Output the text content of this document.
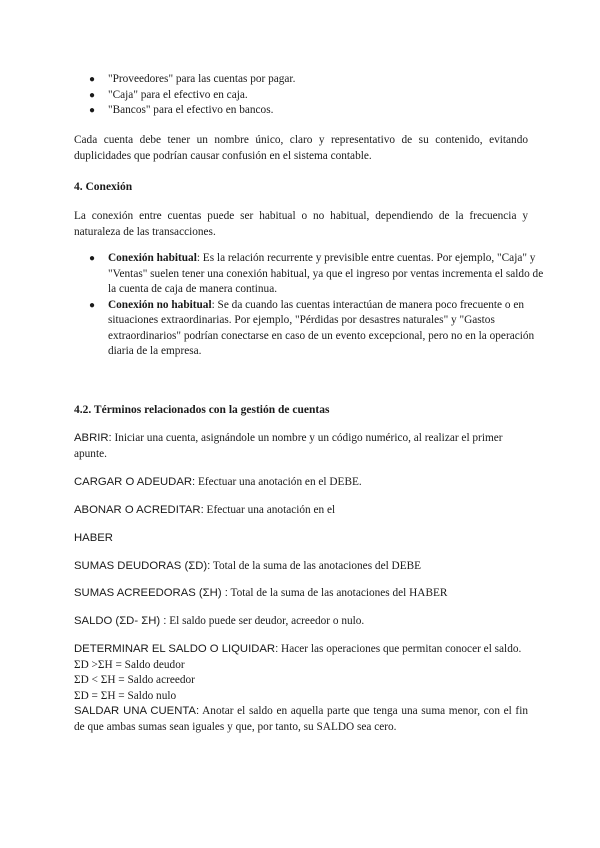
● "Proveedores" para las cuentas por pagar.
● "Caja" para el efectivo en caja.
● "Bancos" para el efectivo en bancos.

Cada cuenta debe tener un nombre único, claro y representativo de su contenido, evitando duplicidades que podrían causar confusión en el sistema contable.

4. Conexión

La conexión entre cuentas puede ser habitual o no habitual, dependiendo de la frecuencia y naturaleza de las transacciones.

● Conexión habitual: Es la relación recurrente y previsible entre cuentas. Por ejemplo, "Caja" y "Ventas" suelen tener una conexión habitual, ya que el ingreso por ventas incrementa el saldo de la cuenta de caja de manera continua.
● Conexión no habitual: Se da cuando las cuentas interactúan de manera poco frecuente o en situaciones extraordinarias. Por ejemplo, "Pérdidas por desastres naturales" y "Gastos extraordinarios" podrían conectarse en caso de un evento excepcional, pero no en la operación diaria de la empresa.
4.2. Términos relacionados con la gestión de cuentas

ABRIR: Iniciar una cuenta, asignándole un nombre y un código numérico, al realizar el primer apunte.

CARGAR O ADEUDAR: Efectuar una anotación en el DEBE.

ABONAR O ACREDITAR: Efectuar una anotación en el

HABER

SUMAS DEUDORAS (ΣD): Total de la suma de las anotaciones del DEBE

SUMAS ACREEDORAS (ΣH) : Total de la suma de las anotaciones del HABER

SALDO (ΣD- ΣH) : El saldo puede ser deudor, acreedor o nulo.

DETERMINAR EL SALDO O LIQUIDAR: Hacer las operaciones que permitan conocer el saldo.

ΣD >ΣH = Saldo deudor

ΣD < ΣH = Saldo acreedor

ΣD = ΣH = Saldo nulo

SALDAR UNA CUENTA: Anotar el saldo en aquella parte que tenga una suma menor, con el fin de que ambas sumas sean iguales y que, por tanto, su SALDO sea cero.
